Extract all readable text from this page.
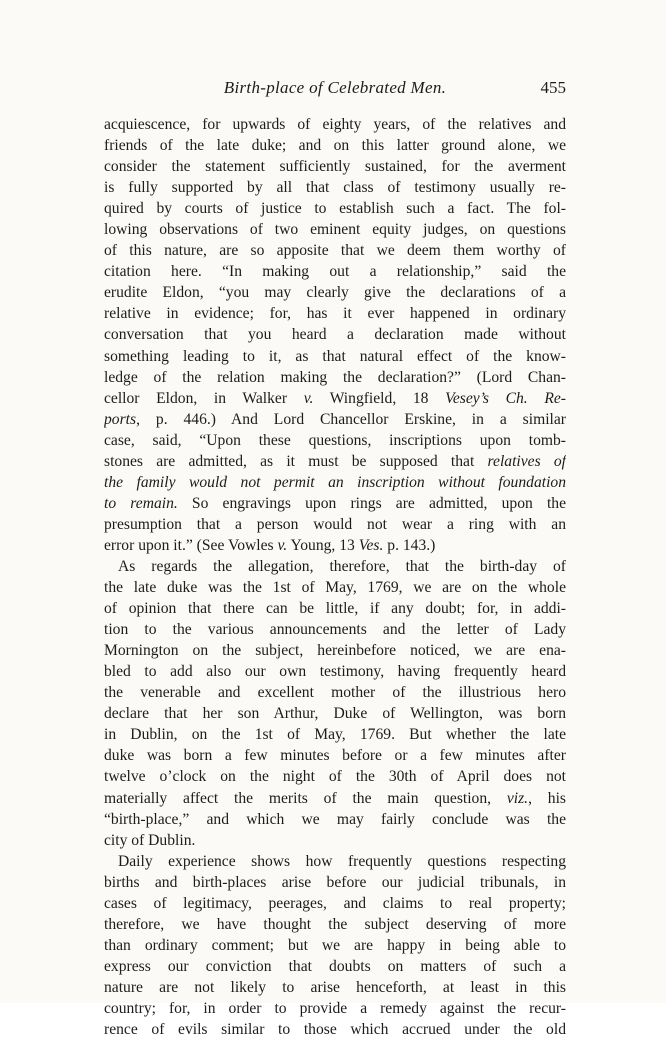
Birth-place of Celebrated Men.	455
acquiescence, for upwards of eighty years, of the relatives and
friends of the late duke; and on this latter ground alone, we
consider the statement sufficiently sustained, for the averment
is fully supported by all that class of testimony usually re-
quired by courts of justice to establish such a fact. The fol-
lowing observations of two eminent equity judges, on questions
of this nature, are so apposite that we deem them worthy of
citation here. “In making out a relationship,” said the
erudite Eldon, “you may clearly give the declarations of a
relative in evidence; for, has it ever happened in ordinary
conversation that you heard a declaration made without
something leading to it, as that natural effect of the know-
ledge of the relation making the declaration?” (Lord Chan-
cellor Eldon, in Walker v. Wingfield, 18 Vesey’s Ch. Re-
ports, p. 446.) And Lord Chancellor Erskine, in a similar
case, said, “Upon these questions, inscriptions upon tomb-
stones are admitted, as it must be supposed that relatives of
the family would not permit an inscription without foundation
to remain. So engravings upon rings are admitted, upon the
presumption that a person would not wear a ring with an
error upon it.” (See Vowles v. Young, 13 Ves. p. 143.)
As regards the allegation, therefore, that the birth-day of
the late duke was the 1st of May, 1769, we are on the whole
of opinion that there can be little, if any doubt; for, in addi-
tion to the various announcements and the letter of Lady
Mornington on the subject, hereinbefore noticed, we are ena-
bled to add also our own testimony, having frequently heard
the venerable and excellent mother of the illustrious hero
declare that her son Arthur, Duke of Wellington, was born
in Dublin, on the 1st of May, 1769. But whether the late
duke was born a few minutes before or a few minutes after
twelve o’clock on the night of the 30th of April does not
materially affect the merits of the main question, viz., his
“birth-place,” and which we may fairly conclude was the
city of Dublin.
Daily experience shows how frequently questions respecting
births and birth-places arise before our judicial tribunals, in
cases of legitimacy, peerages, and claims to real property;
therefore, we have thought the subject deserving of more
than ordinary comment; but we are happy in being able to
express our conviction that doubts on matters of such a
nature are not likely to arise henceforth, at least in this
country; for, in order to provide a remedy against the recur-
rence of evils similar to those which accrued under the old
